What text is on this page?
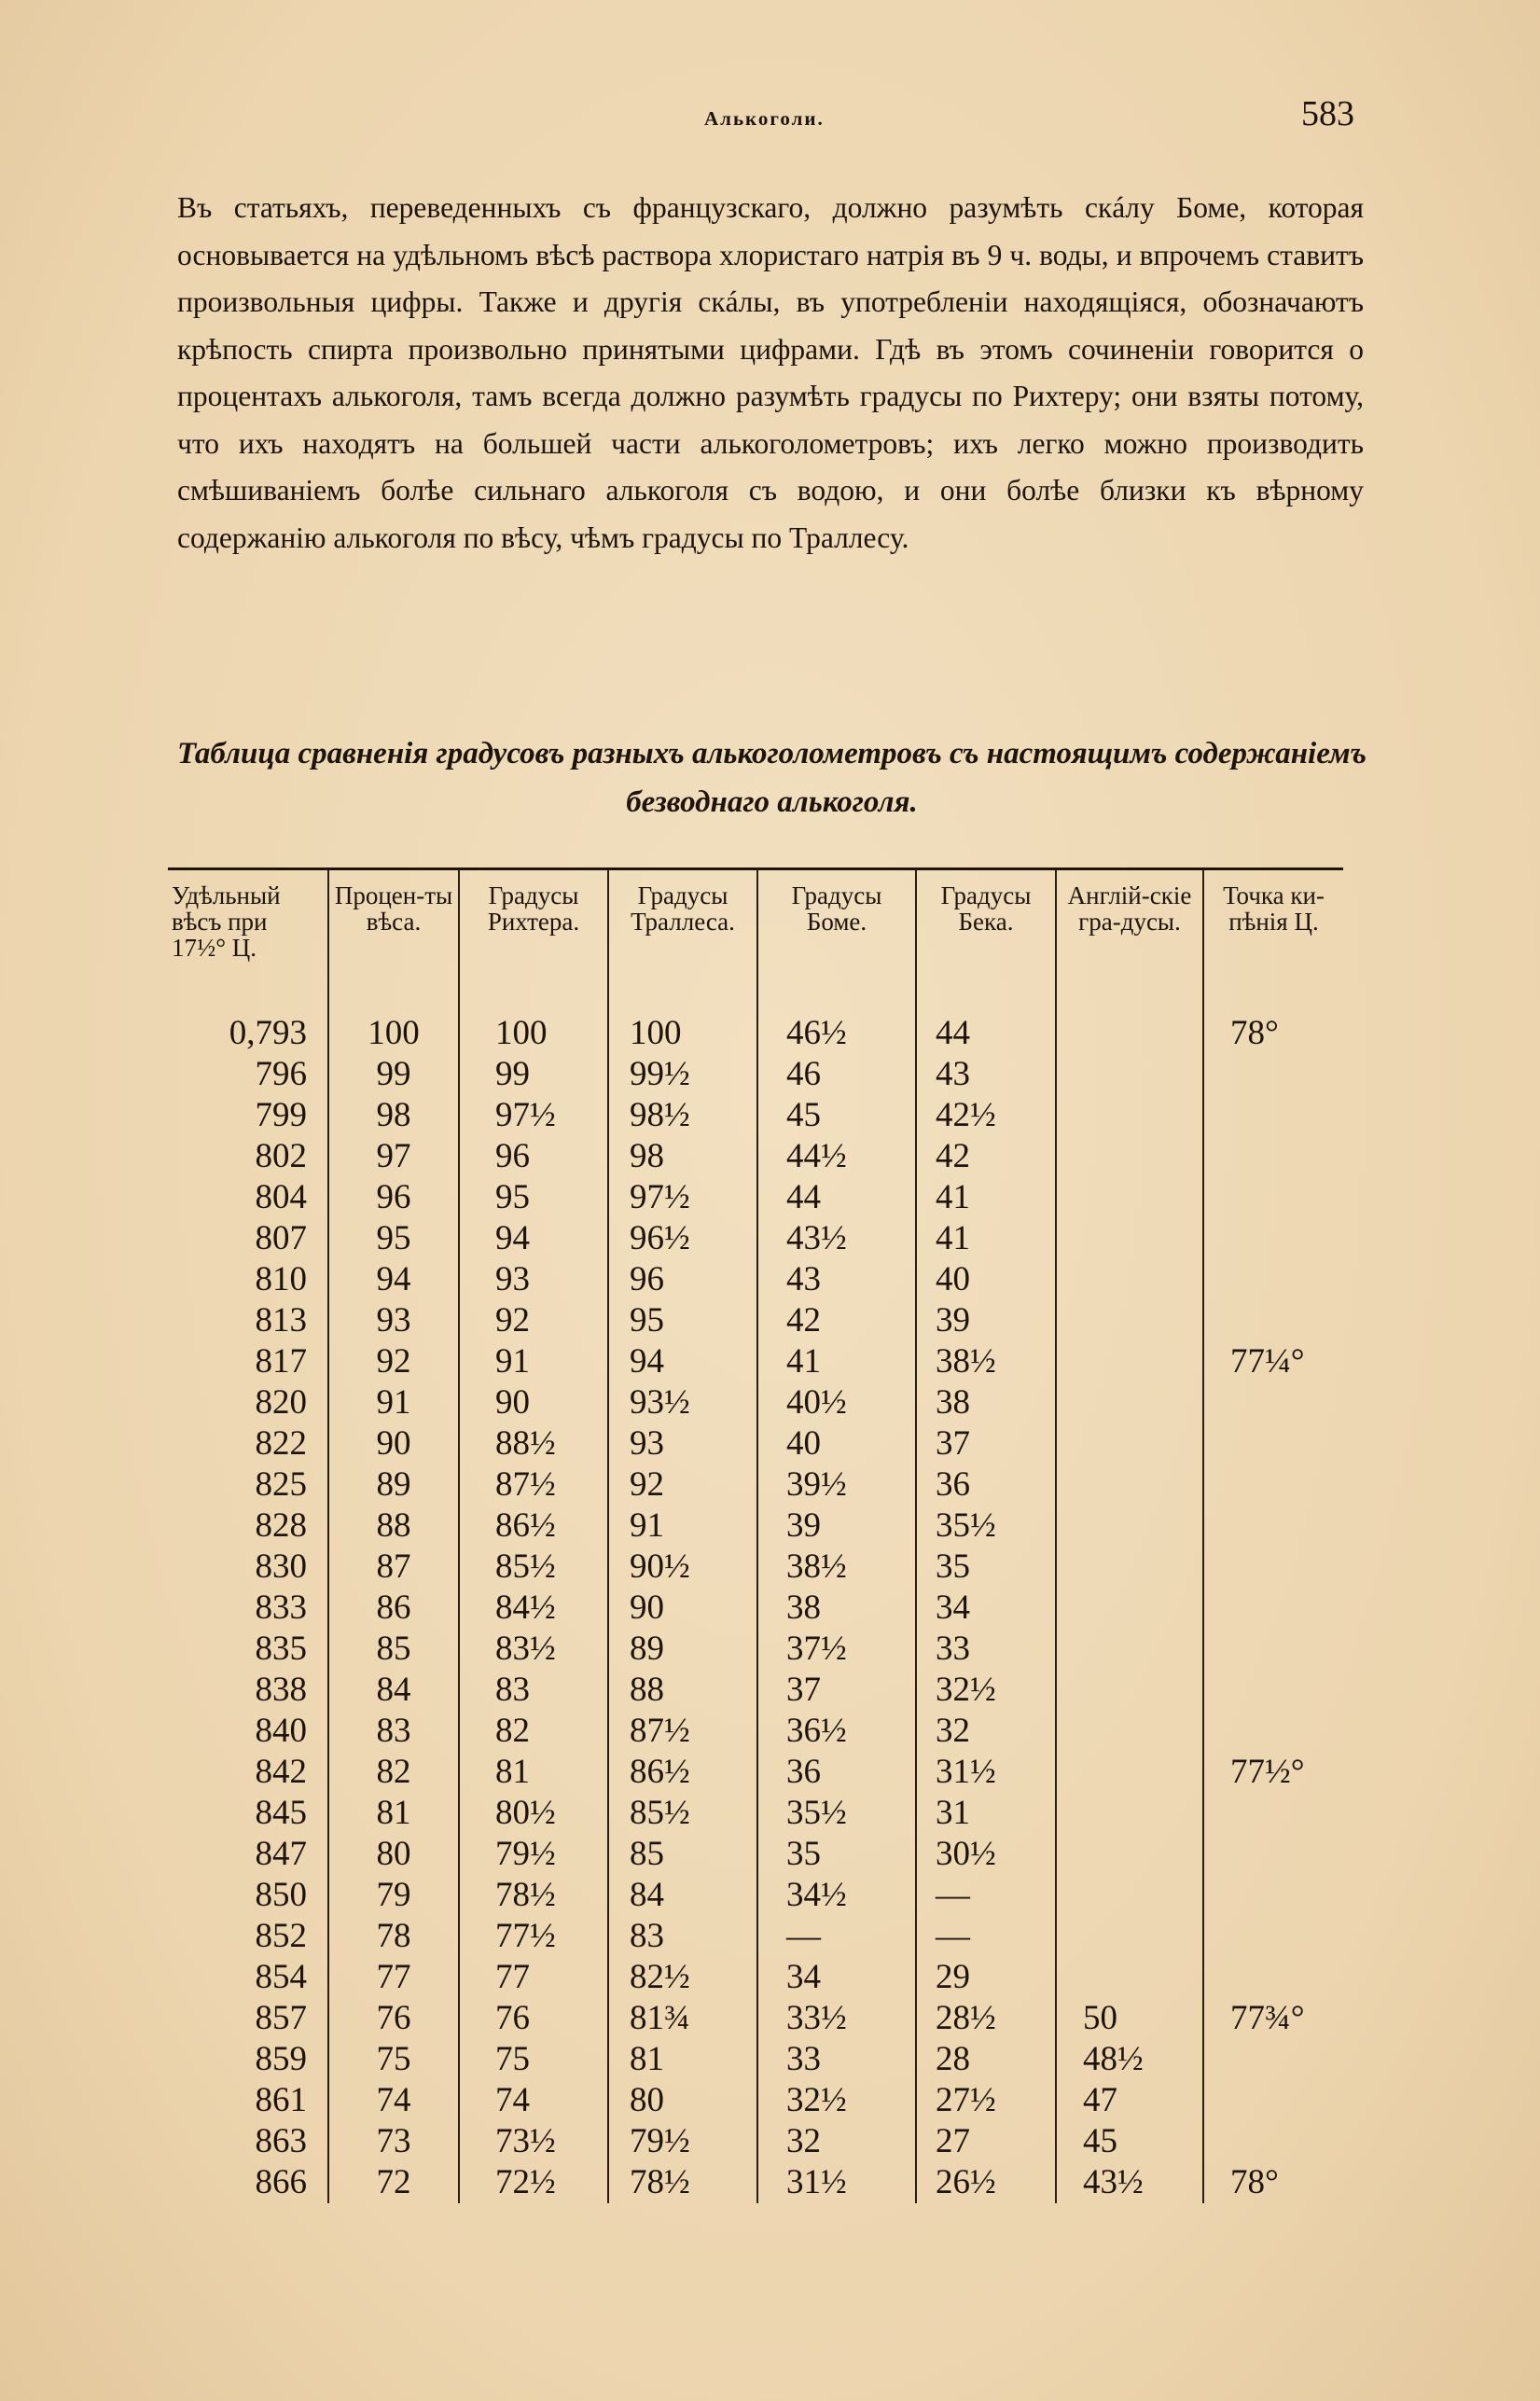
Алькоголи.	583

Въ статьяхъ, переведенныхъ съ французскаго, должно разумѣть скáлу Боме, которая основывается на удѣльномъ вѣсѣ раствора хлористаго натрія въ 9 ч. воды, и впрочемъ ставитъ произвольныя цифры. Также и другія скáлы, въ употребленіи находящіяся, обозначаютъ крѣпость спирта произвольно принятыми цифрами. Гдѣ въ этомъ сочиненіи говорится о процентахъ алькоголя, тамъ всегда должно разумѣть градусы по Рихтеру; они взяты потому, что ихъ находятъ на большей части алькоголометровъ; ихъ легко можно производить смѣшиваніемъ болѣе сильнаго алькоголя съ водою, и они болѣе близки къ вѣрному содержанію алькоголя по вѣсу, чѣмъ градусы по Траллесу.

Таблица сравненія градусовъ разныхъ алькоголометровъ съ настоящимъ содержаніемъ безводнаго алькоголя.
Удѣльный вѣсъ при 17½° Ц.	Процен-ты вѣса.	Градусы Рихтера.	Градусы Траллеса.	Градусы Боме.	Градусы Бека.	Англій-скіе гра-дусы.	Точка ки-пѣнія Ц.
0,793	100	100	100	46½	44		78°
796	99	99	99½	46	43		
799	98	97½	98½	45	42½		
802	97	96	98	44½	42		
804	96	95	97½	44	41		
807	95	94	96½	43½	41		
810	94	93	96	43	40		
813	93	92	95	42	39		
817	92	91	94	41	38½		77¼°
820	91	90	93½	40½	38		
822	90	88½	93	40	37		
825	89	87½	92	39½	36		
828	88	86½	91	39	35½		
830	87	85½	90½	38½	35		
833	86	84½	90	38	34		
835	85	83½	89	37½	33		
838	84	83	88	37	32½		
840	83	82	87½	36½	32		
842	82	81	86½	36	31½		77½°
845	81	80½	85½	35½	31		
847	80	79½	85	35	30½		
850	79	78½	84	34½	—		
852	78	77½	83	—	—		
854	77	77	82½	34	29		
857	76	76	81¾	33½	28½	50	77¾°
859	75	75	81	33	28	48½	
861	74	74	80	32½	27½	47	
863	73	73½	79½	32	27	45	
866	72	72½	78½	31½	26½	43½	78°
